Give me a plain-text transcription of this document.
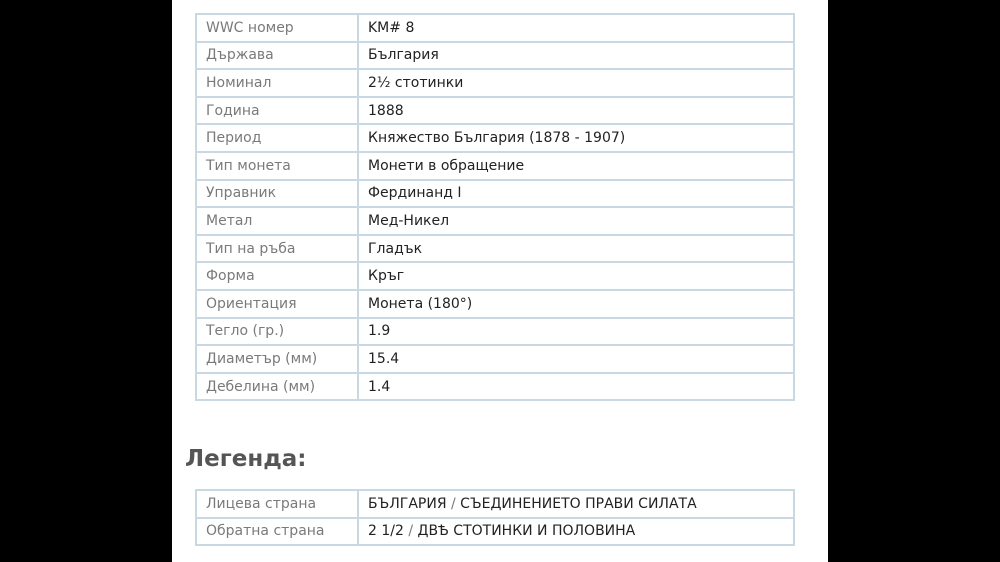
WWC номер	KM# 8
Държава	България
Номинал	2½ стотинки
Година	1888
Период	Княжество България (1878 - 1907)
Тип монета	Монети в обращение
Управник	Фердинанд I
Метал	Мед-Никел
Тип на ръба	Гладък
Форма	Кръг
Ориентация	Монета (180°)
Тегло (гр.)	1.9
Диаметър (мм)	15.4
Дебелина (мм)	1.4
Легенда:
Лицева страна	БЪЛГАРИЯ / СЪЕДИНЕНИЕТО ПРАВИ СИЛАТА
Обратна страна	2 1/2 / ДВѢ СТОТИНКИ И ПОЛОВИНА
